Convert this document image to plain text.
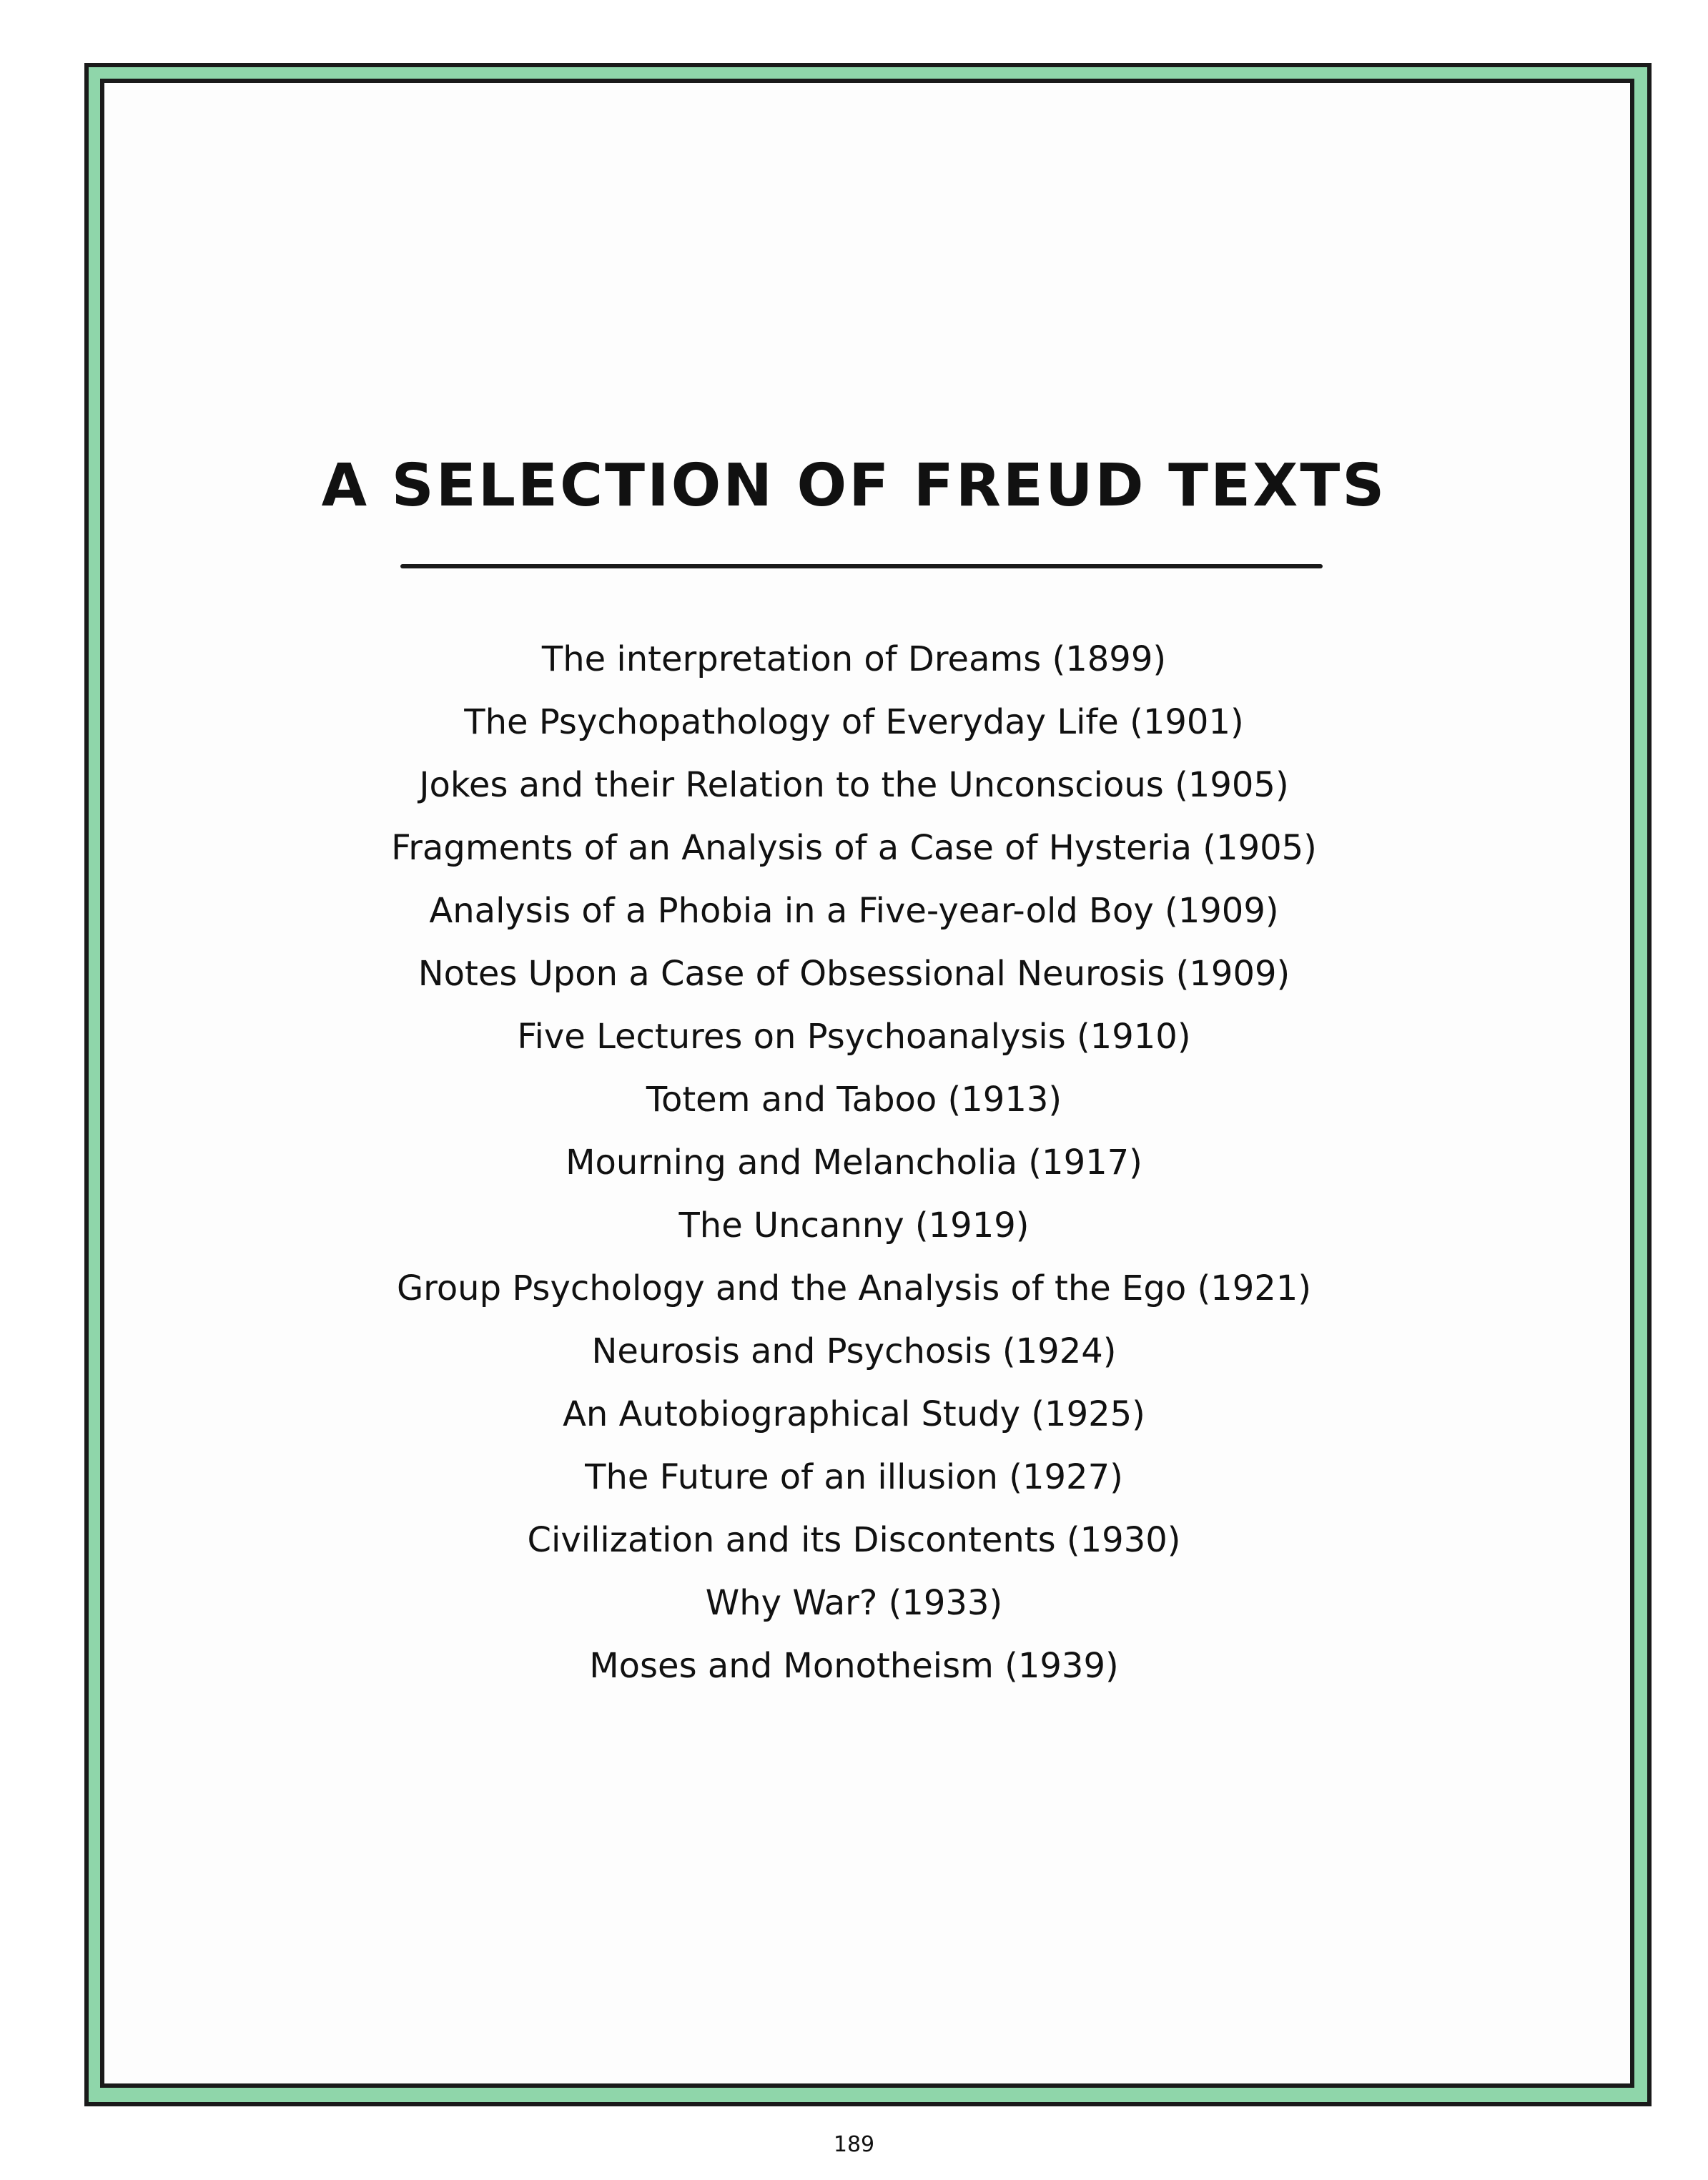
A SELECTION OF FREUD TEXTS
The interpretation of Dreams (1899)
The Psychopathology of Everyday Life (1901)
Jokes and their Relation to the Unconscious (1905)
Fragments of an Analysis of a Case of Hysteria (1905)
Analysis of a Phobia in a Five-year-old Boy (1909)
Notes Upon a Case of Obsessional Neurosis (1909)
Five Lectures on Psychoanalysis (1910)
Totem and Taboo (1913)
Mourning and Melancholia (1917)
The Uncanny (1919)
Group Psychology and the Analysis of the Ego (1921)
Neurosis and Psychosis (1924)
An Autobiographical Study (1925)
The Future of an illusion (1927)
Civilization and its Discontents (1930)
Why War? (1933)
Moses and Monotheism (1939)
189
